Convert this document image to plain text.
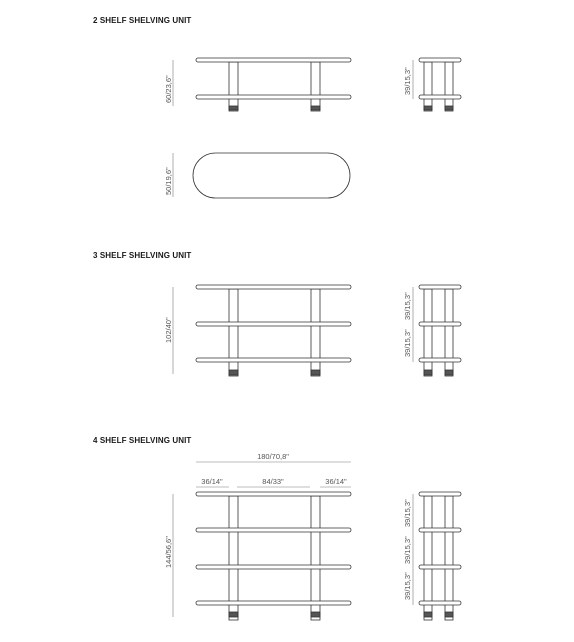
2 SHELF SHELVING UNIT
3 SHELF SHELVING UNIT
4 SHELF SHELVING UNIT
60/23,6"	39/15,3"
50/19,6"
102/40"
39/15,3"
39/15,3"
180/70,8"
36/14"	84/33"	36/14"
144/56,6"
39/15,3"
39/15,3"
39/15,3"
